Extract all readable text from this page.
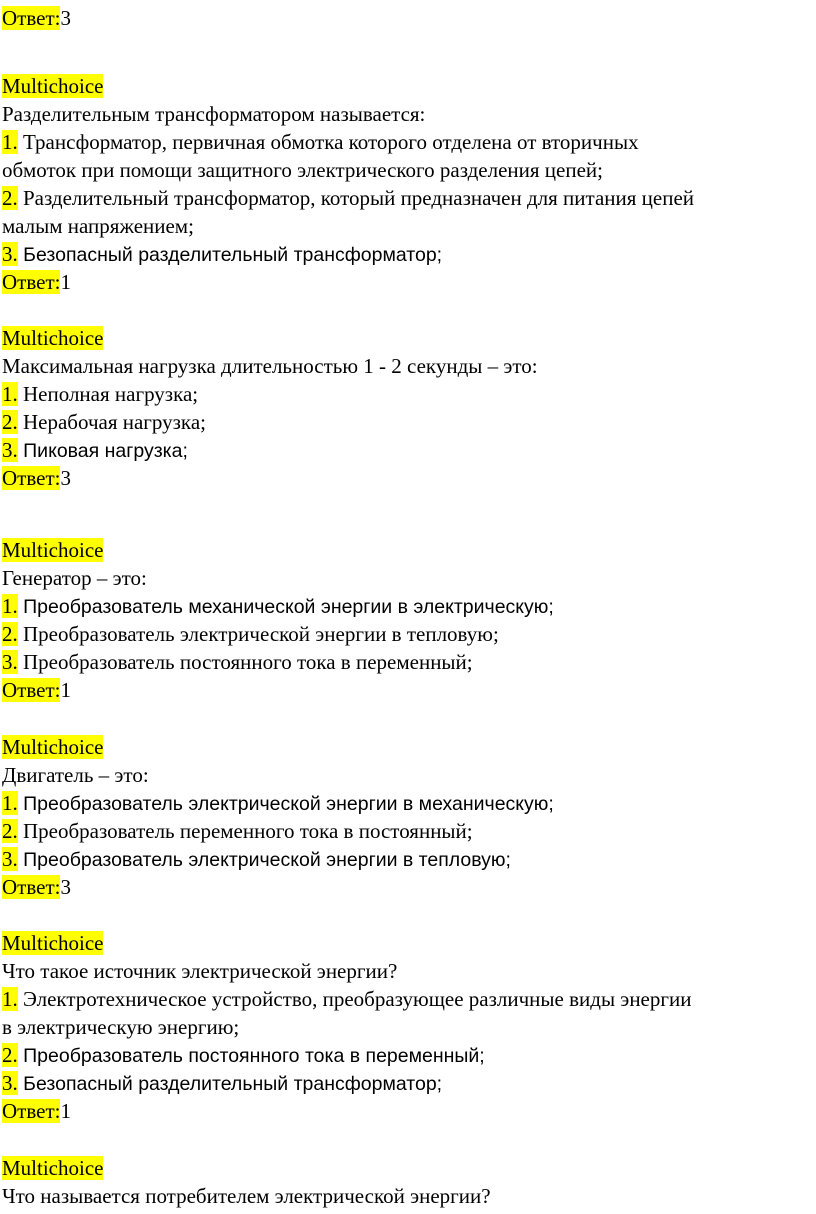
Ответ:3
Multichoice
Разделительным трансформатором называется:
1. Трансформатор, первичная обмотка которого отделена от вторичных
обмоток при помощи защитного электрического разделения цепей;
2. Разделительный трансформатор, который предназначен для питания цепей
малым напряжением;
3. Безопасный разделительный трансформатор;
Ответ:1
Multichoice
Максимальная нагрузка длительностью 1 - 2 секунды – это:
1. Неполная нагрузка;
2. Нерабочая нагрузка;
3. Пиковая нагрузка;
Ответ:3
Multichoice
Генератор – это:
1. Преобразователь механической энергии в электрическую;
2. Преобразователь электрической энергии в тепловую;
3. Преобразователь постоянного тока в переменный;
Ответ:1
Multichoice
Двигатель – это:
1. Преобразователь электрической энергии в механическую;
2. Преобразователь переменного тока в постоянный;
3. Преобразователь электрической энергии в тепловую;
Ответ:3
Multichoice
Что такое источник электрической энергии?
1. Электротехническое устройство, преобразующее различные виды энергии
в электрическую энергию;
2. Преобразователь постоянного тока в переменный;
3. Безопасный разделительный трансформатор;
Ответ:1
Multichoice
Что называется потребителем электрической энергии?
